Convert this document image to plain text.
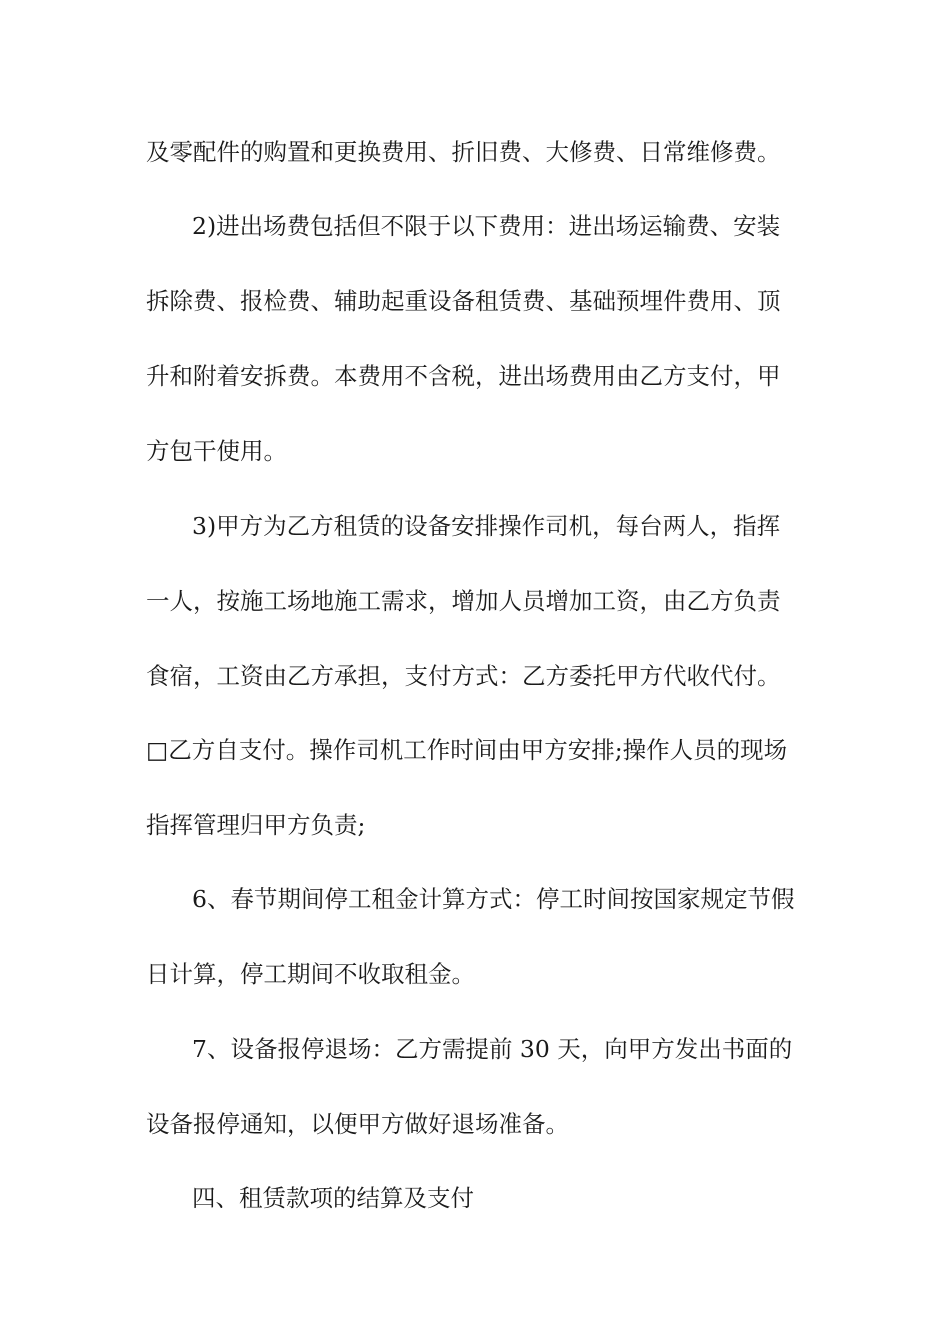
及零配件的购置和更换费用、折旧费、大修费、日常维修费。
2)进出场费包括但不限于以下费用：进出场运输费、安装
拆除费、报检费、辅助起重设备租赁费、基础预埋件费用、顶
升和附着安拆费。本费用不含税，进出场费用由乙方支付，甲
方包干使用。
3)甲方为乙方租赁的设备安排操作司机，每台两人，指挥
一人，按施工场地施工需求，增加人员增加工资，由乙方负责
食宿，工资由乙方承担，支付方式：乙方委托甲方代收代付。
□乙方自支付。操作司机工作时间由甲方安排;操作人员的现场
指挥管理归甲方负责;
6、春节期间停工租金计算方式：停工时间按国家规定节假
日计算，停工期间不收取租金。
7、设备报停退场：乙方需提前 30 天，向甲方发出书面的
设备报停通知，以便甲方做好退场准备。
四、租赁款项的结算及支付
